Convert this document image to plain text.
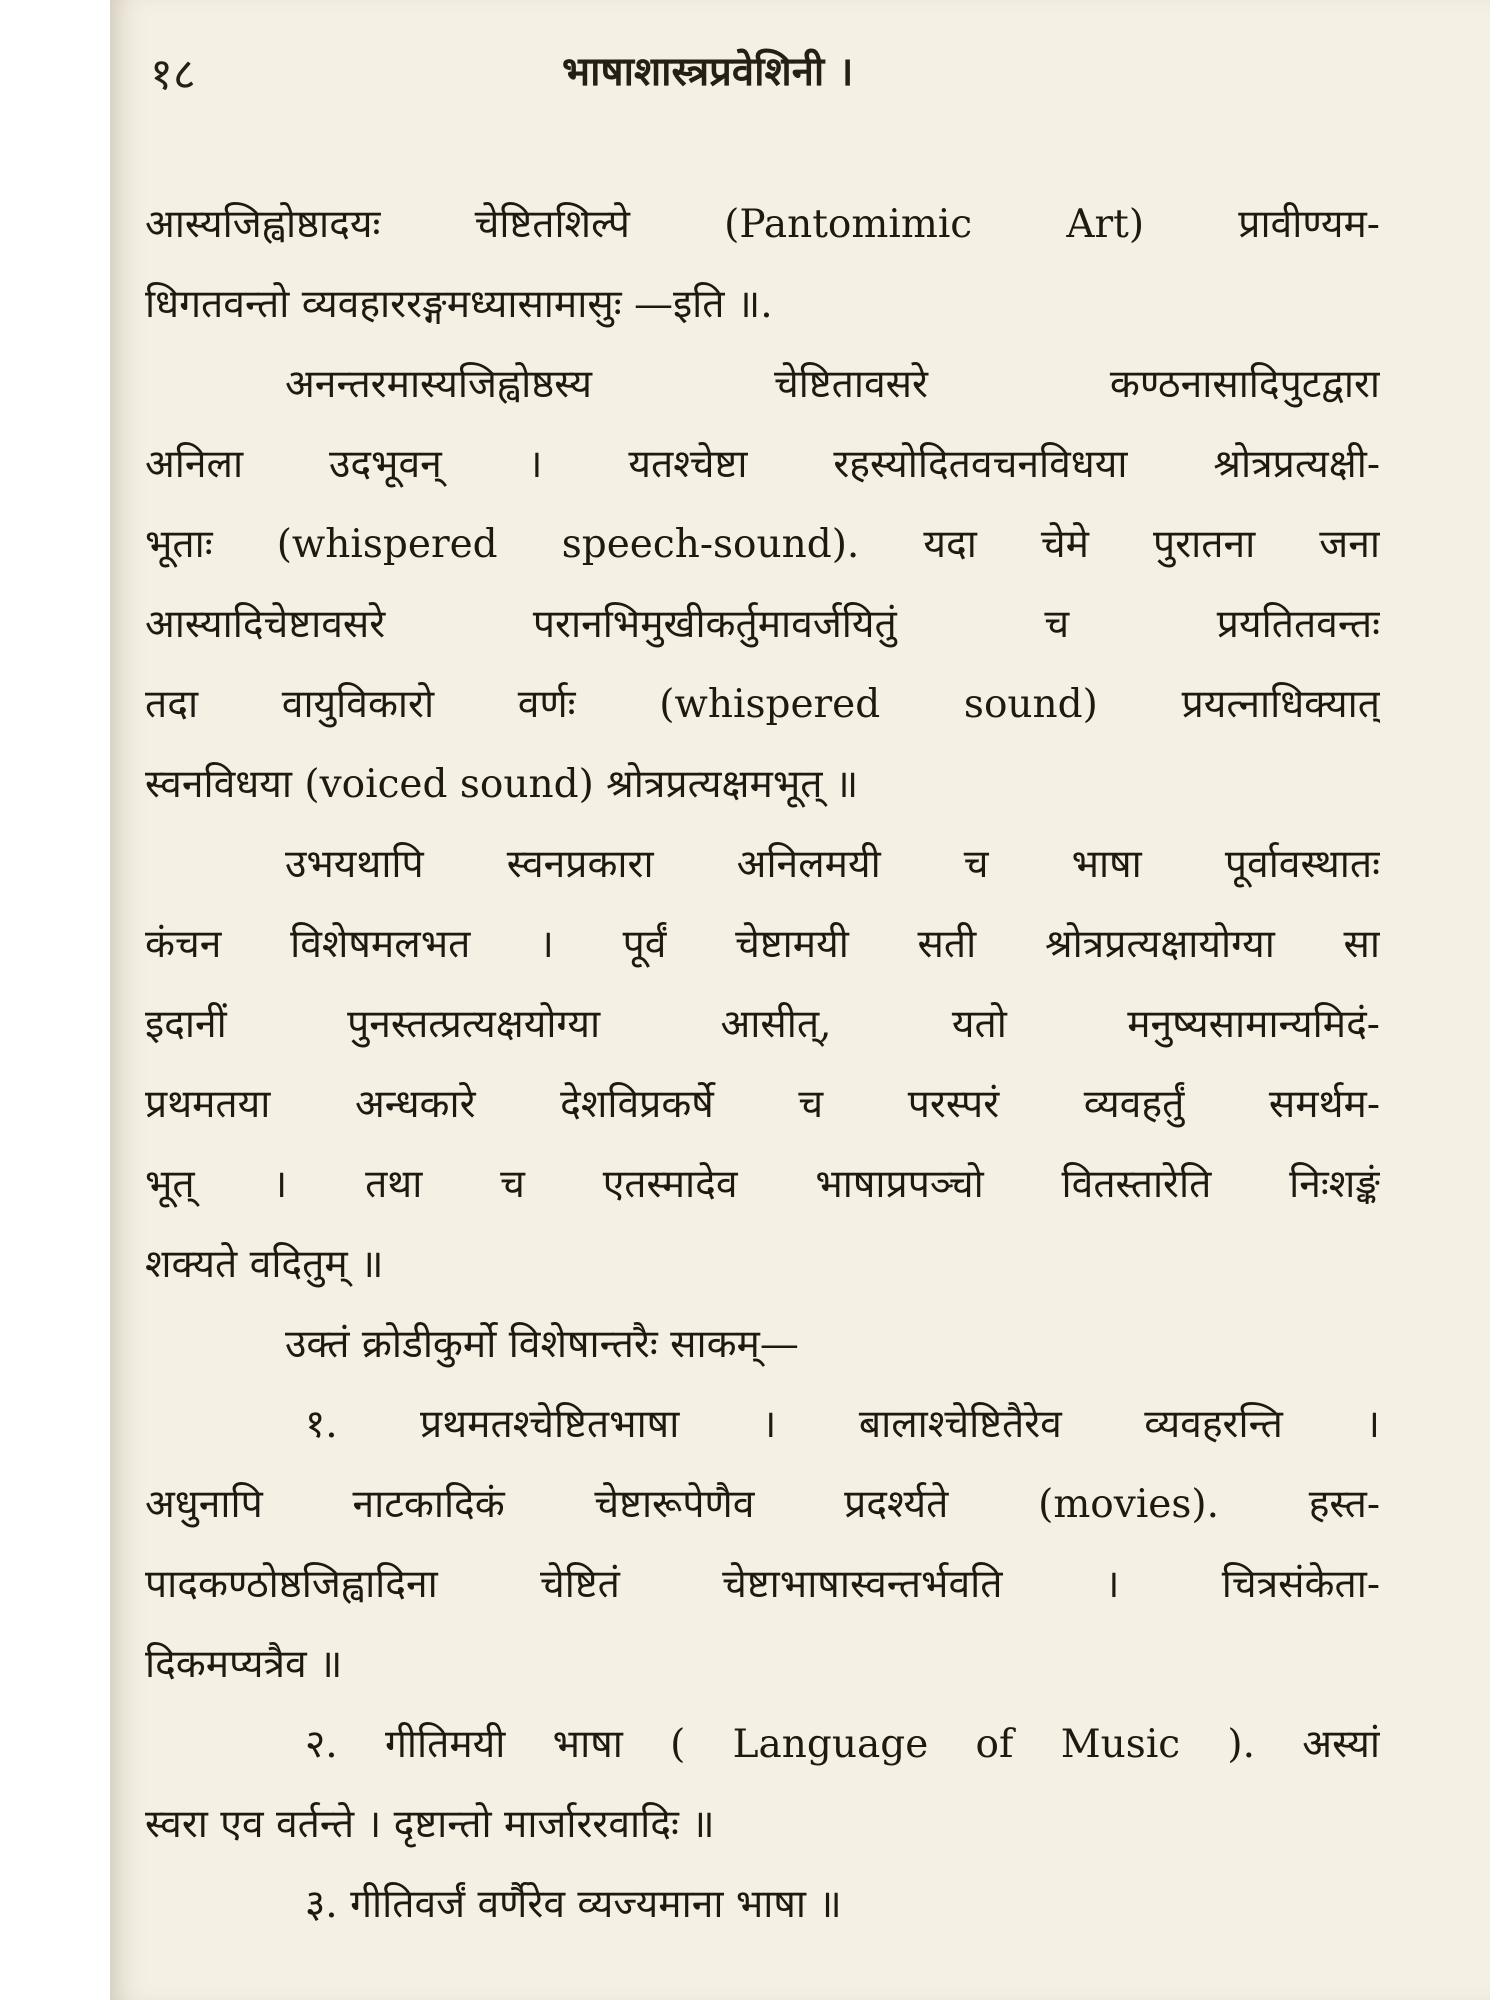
१८	भाषाशास्त्रप्रवेशिनी ।
आस्यजिह्वोष्ठादयः चेष्टितशिल्पे (Pantomimic Art) प्रावीण्यम-
धिगतवन्तो व्यवहाररङ्गमध्यासामासुः —इति ॥.
अनन्तरमास्यजिह्वोष्ठस्य चेष्टितावसरे कण्ठनासादिपुटद्वारा
अनिला उदभूवन् । यतश्चेष्टा रहस्योदितवचनविधया श्रोत्रप्रत्यक्षी-
भूताः (whispered speech-sound). यदा चेमे पुरातना जना
आस्यादिचेष्टावसरे परानभिमुखीकर्तुमावर्जयितुं च प्रयतितवन्तः
तदा वायुविकारो वर्णः (whispered sound) प्रयत्नाधिक्यात्
स्वनविधया (voiced sound) श्रोत्रप्रत्यक्षमभूत् ॥
उभयथापि स्वनप्रकारा अनिलमयी च भाषा पूर्वावस्थातः
कंचन विशेषमलभत । पूर्वं चेष्टामयी सती श्रोत्रप्रत्यक्षायोग्या सा
इदानीं पुनस्तत्प्रत्यक्षयोग्या आसीत्, यतो मनुष्यसामान्यमिदं-
प्रथमतया अन्धकारे देशविप्रकर्षे च परस्परं व्यवहर्तुं समर्थम-
भूत् । तथा च एतस्मादेव भाषाप्रपञ्चो वितस्तारेति निःशङ्कं
शक्यते वदितुम् ॥
उक्तं क्रोडीकुर्मो विशेषान्तरैः साकम्—
१. प्रथमतश्चेष्टितभाषा । बालाश्चेष्टितैरेव व्यवहरन्ति ।
अधुनापि नाटकादिकं चेष्टारूपेणैव प्रदर्श्यते (movies). हस्त-
पादकण्ठोष्ठजिह्वादिना चेष्टितं चेष्टाभाषास्वन्तर्भवति । चित्रसंकेता-
दिकमप्यत्रैव ॥
२. गीतिमयी भाषा ( Language of Music ). अस्यां
स्वरा एव वर्तन्ते । दृष्टान्तो मार्जाररवादिः ॥
३. गीतिवर्जं वर्णैरेव व्यज्यमाना भाषा ॥
